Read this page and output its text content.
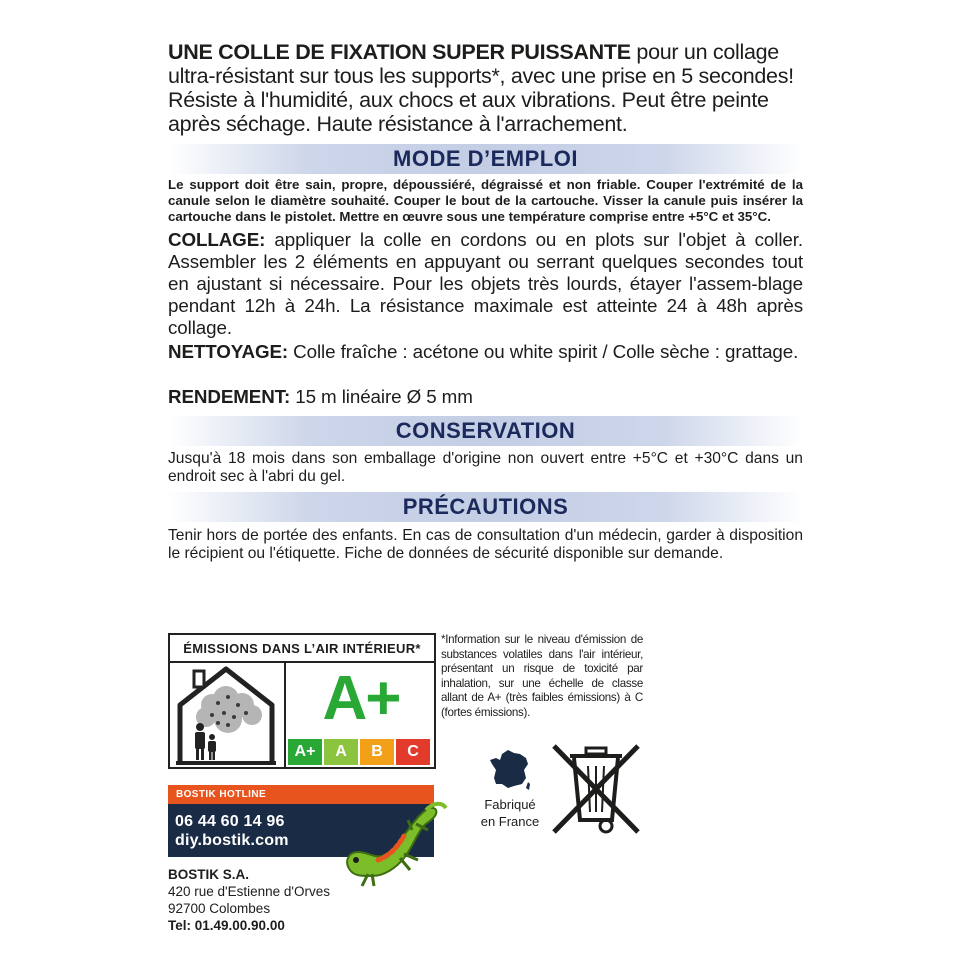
UNE COLLE DE FIXATION SUPER PUISSANTE pour un collage ultra-résistant sur tous les supports*, avec une prise en 5 secondes! Résiste à l'humidité, aux chocs et aux vibrations. Peut être peinte après séchage. Haute résistance à l'arrachement.
MODE D’EMPLOI
Le support doit être sain, propre, dépoussiéré, dégraissé et non friable. Couper l'extrémité de la canule selon le diamètre souhaité. Couper le bout de la cartouche. Visser la canule puis insérer la cartouche dans le pistolet. Mettre en œuvre sous une température comprise entre +5°C et 35°C.
COLLAGE: appliquer la colle en cordons ou en plots sur l'objet à coller. Assembler les 2 éléments en appuyant ou serrant quelques secondes tout en ajustant si nécessaire. Pour les objets très lourds, étayer l'assem-blage pendant 12h à 24h. La résistance maximale est atteinte 24 à 48h après collage.
NETTOYAGE: Colle fraîche : acétone ou white spirit / Colle sèche : grattage.
RENDEMENT: 15 m linéaire Ø 5 mm
CONSERVATION
Jusqu'à 18 mois dans son emballage d'origine non ouvert entre +5°C et +30°C dans un endroit sec à l'abri du gel.
PRÉCAUTIONS
Tenir hors de portée des enfants. En cas de consultation d'un médecin, garder à disposition le récipient ou l'étiquette. Fiche de données de sécurité disponible sur demande.
ÉMISSIONS DANS L’AIR INTÉRIEUR*
A+
A+	A	B	C
*Information sur le niveau d'émission de substances volatiles dans l'air intérieur, présentant un risque de toxicité par inhalation, sur une échelle de classe allant de A+ (très faibles émissions) à C (fortes émissions).
Fabriqué
en France
BOSTIK HOTLINE
06 44 60 14 96
diy.bostik.com
BOSTIK S.A.
420 rue d'Estienne d'Orves
92700 Colombes
Tel: 01.49.00.90.00
